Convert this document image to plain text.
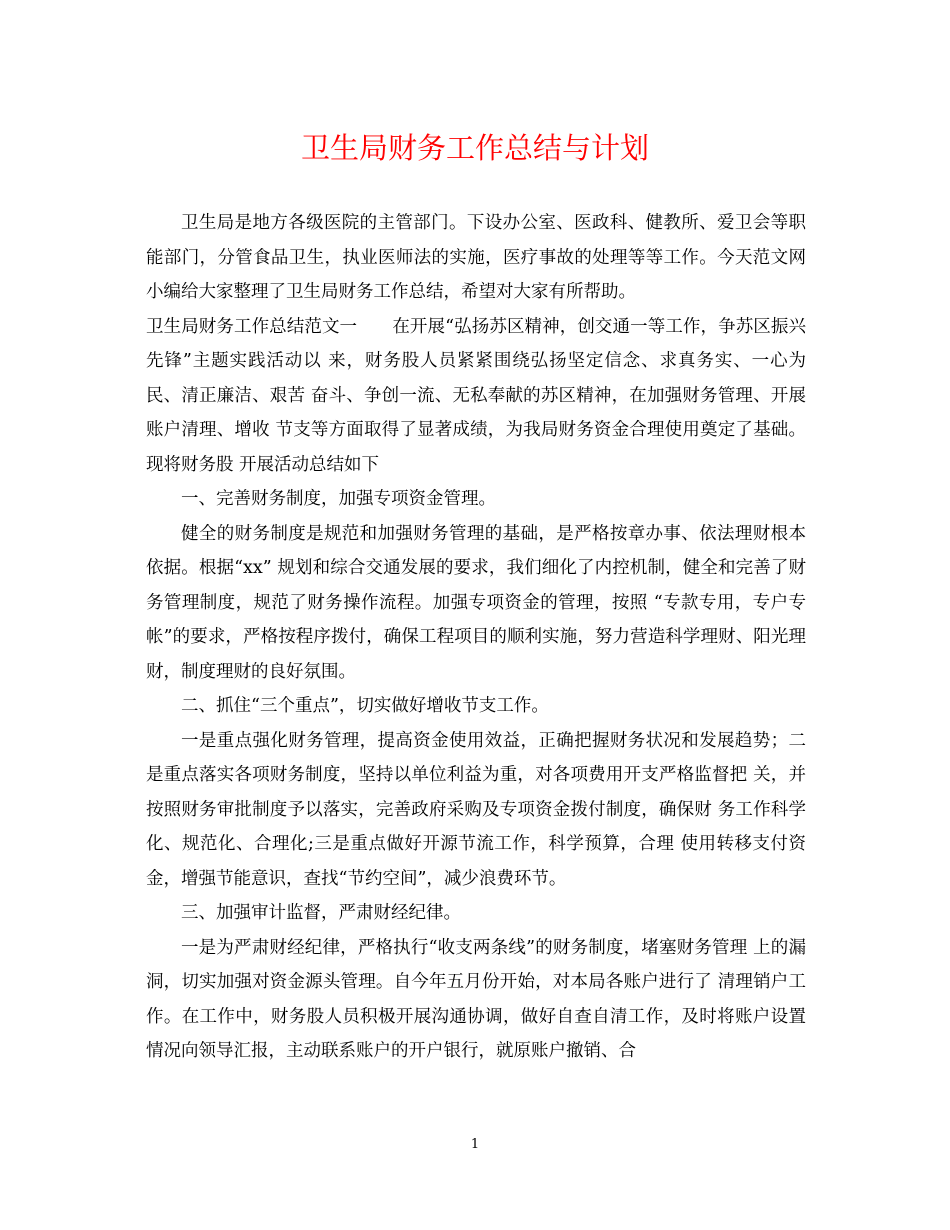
卫生局财务工作总结与计划

卫生局是地方各级医院的主管部门。下设办公室、医政科、健教所、爱卫会等职能部门，分管食品卫生，执业医师法的实施，医疗事故的处理等等工作。今天范文网小编给大家整理了卫生局财务工作总结，希望对大家有所帮助。

卫生局财务工作总结范文一　　在开展“弘扬苏区精神，创交通一等工作，争苏区振兴先锋”主题实践活动以 来，财务股人员紧紧围绕弘扬坚定信念、求真务实、一心为民、清正廉洁、艰苦 奋斗、争创一流、无私奉献的苏区精神，在加强财务管理、开展账户清理、增收 节支等方面取得了显著成绩，为我局财务资金合理使用奠定了基础。现将财务股 开展活动总结如下

一、完善财务制度，加强专项资金管理。

健全的财务制度是规范和加强财务管理的基础，是严格按章办事、依法理财根本依据。根据“xx” 规划和综合交通发展的要求，我们细化了内控机制，健全和完善了财务管理制度，规范了财务操作流程。加强专项资金的管理，按照 “专款专用，专户专帐”的要求，严格按程序拨付，确保工程项目的顺利实施，努力营造科学理财、阳光理财，制度理财的良好氛围。

二、抓住“三个重点”，切实做好增收节支工作。

一是重点强化财务管理，提高资金使用效益，正确把握财务状况和发展趋势；二是重点落实各项财务制度，坚持以单位利益为重，对各项费用开支严格监督把 关，并按照财务审批制度予以落实，完善政府采购及专项资金拨付制度，确保财 务工作科学化、规范化、合理化;三是重点做好开源节流工作，科学预算，合理 使用转移支付资金，增强节能意识，查找“节约空间”，减少浪费环节。

三、加强审计监督，严肃财经纪律。

一是为严肃财经纪律，严格执行“收支两条线”的财务制度，堵塞财务管理 上的漏洞，切实加强对资金源头管理。自今年五月份开始，对本局各账户进行了 清理销户工作。在工作中，财务股人员积极开展沟通协调，做好自查自清工作，及时将账户设置情况向领导汇报，主动联系账户的开户银行，就原账户撤销、合

1
